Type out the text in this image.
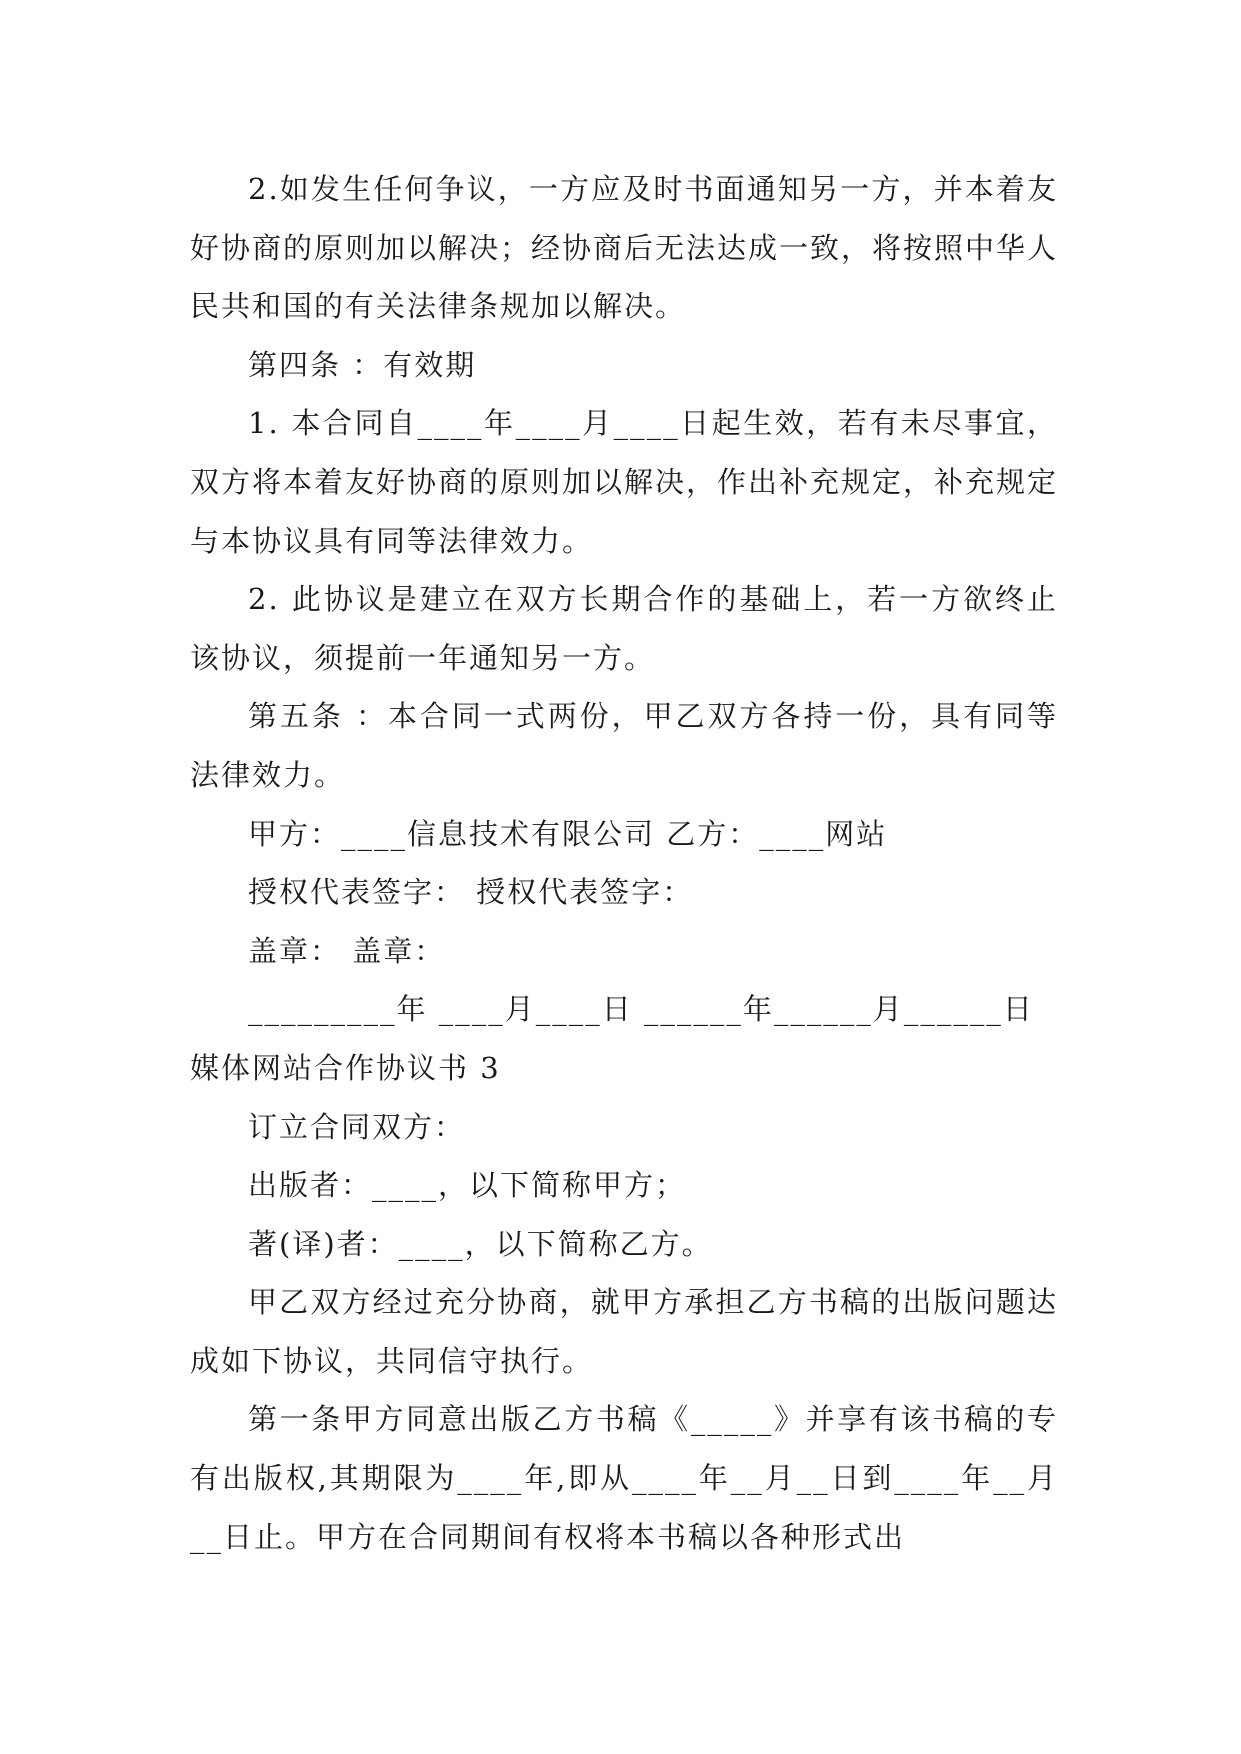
2.如发生任何争议，一方应及时书面通知另一方，并本着友好协商的原则加以解决；经协商后无法达成一致，将按照中华人民共和国的有关法律条规加以解决。

第四条 ：有效期

1. 本合同自____年____月____日起生效，若有未尽事宜，双方将本着友好协商的原则加以解决，作出补充规定，补充规定与本协议具有同等法律效力。

2. 此协议是建立在双方长期合作的基础上，若一方欲终止该协议，须提前一年通知另一方。

第五条 ：本合同一式两份，甲乙双方各持一份，具有同等法律效力。

甲方：____信息技术有限公司 乙方：____网站

授权代表签字： 授权代表签字：

盖章： 盖章：

_________年 ____月____日 ______年______月______日

媒体网站合作协议书 3

订立合同双方：

出版者：____，以下简称甲方；

著(译)者：____，以下简称乙方。

甲乙双方经过充分协商，就甲方承担乙方书稿的出版问题达成如下协议，共同信守执行。

第一条甲方同意出版乙方书稿《_____》并享有该书稿的专有出版权,其期限为____年,即从____年__月__日到____年__月__日止。甲方在合同期间有权将本书稿以各种形式出
